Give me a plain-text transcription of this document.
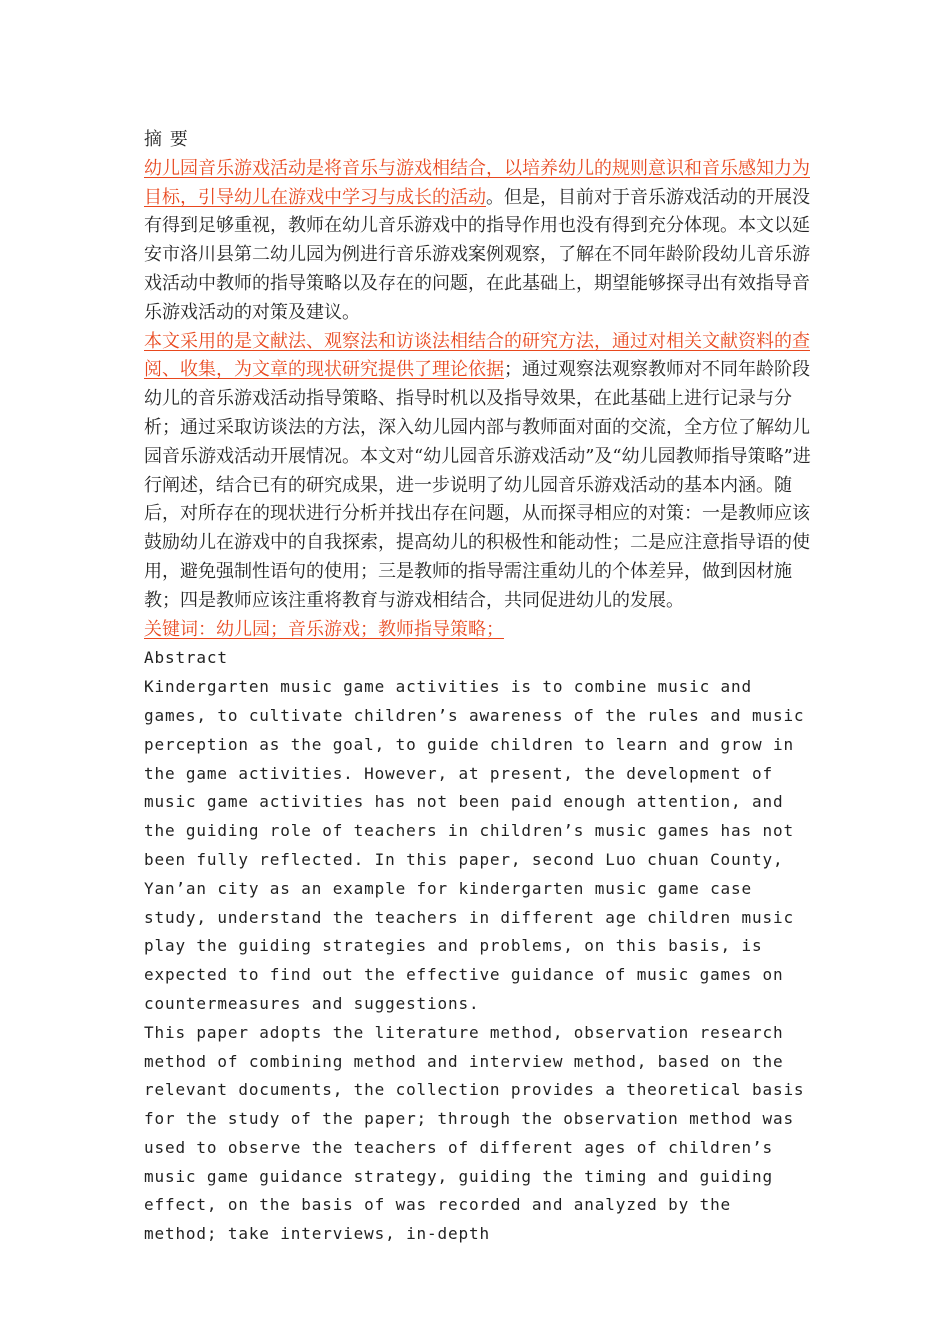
摘 要

幼儿园音乐游戏活动是将音乐与游戏相结合，以培养幼儿的规则意识和音乐感知力为目标，引导幼儿在游戏中学习与成长的活动。但是，目前对于音乐游戏活动的开展没有得到足够重视，教师在幼儿音乐游戏中的指导作用也没有得到充分体现。本文以延安市洛川县第二幼儿园为例进行音乐游戏案例观察，了解在不同年龄阶段幼儿音乐游戏活动中教师的指导策略以及存在的问题，在此基础上，期望能够探寻出有效指导音乐游戏活动的对策及建议。

本文采用的是文献法、观察法和访谈法相结合的研究方法，通过对相关文献资料的查阅、收集，为文章的现状研究提供了理论依据；通过观察法观察教师对不同年龄阶段幼儿的音乐游戏活动指导策略、指导时机以及指导效果，在此基础上进行记录与分析；通过采取访谈法的方法，深入幼儿园内部与教师面对面的交流，全方位了解幼儿园音乐游戏活动开展情况。本文对“幼儿园音乐游戏活动”及“幼儿园教师指导策略”进行阐述，结合已有的研究成果，进一步说明了幼儿园音乐游戏活动的基本内涵。随后，对所存在的现状进行分析并找出存在问题，从而探寻相应的对策：一是教师应该鼓励幼儿在游戏中的自我探索，提高幼儿的积极性和能动性；二是应注意指导语的使用，避免强制性语句的使用；三是教师的指导需注重幼儿的个体差异，做到因材施教；四是教师应该注重将教育与游戏相结合，共同促进幼儿的发展。

关键词：幼儿园；音乐游戏；教师指导策略；

Abstract

Kindergarten music game activities is to combine music and games, to cultivate children’s awareness of the rules and music perception as the goal, to guide children to learn and grow in the game activities. However, at present, the development of music game activities has not been paid enough attention, and the guiding role of teachers in children’s music games has not been fully reflected. In this paper, second Luo chuan County, Yan’an city as an example for kindergarten music game case study, understand the teachers in different age children music play the guiding strategies and problems, on this basis, is expected to find out the effective guidance of music games on countermeasures and suggestions.

This paper adopts the literature method, observation research method of combining method and interview method, based on the relevant documents, the collection provides a theoretical basis for the study of the paper; through the observation method was used to observe the teachers of different ages of children’s music game guidance strategy, guiding the timing and guiding effect, on the basis of was recorded and analyzed by the method; take interviews, in-depth
